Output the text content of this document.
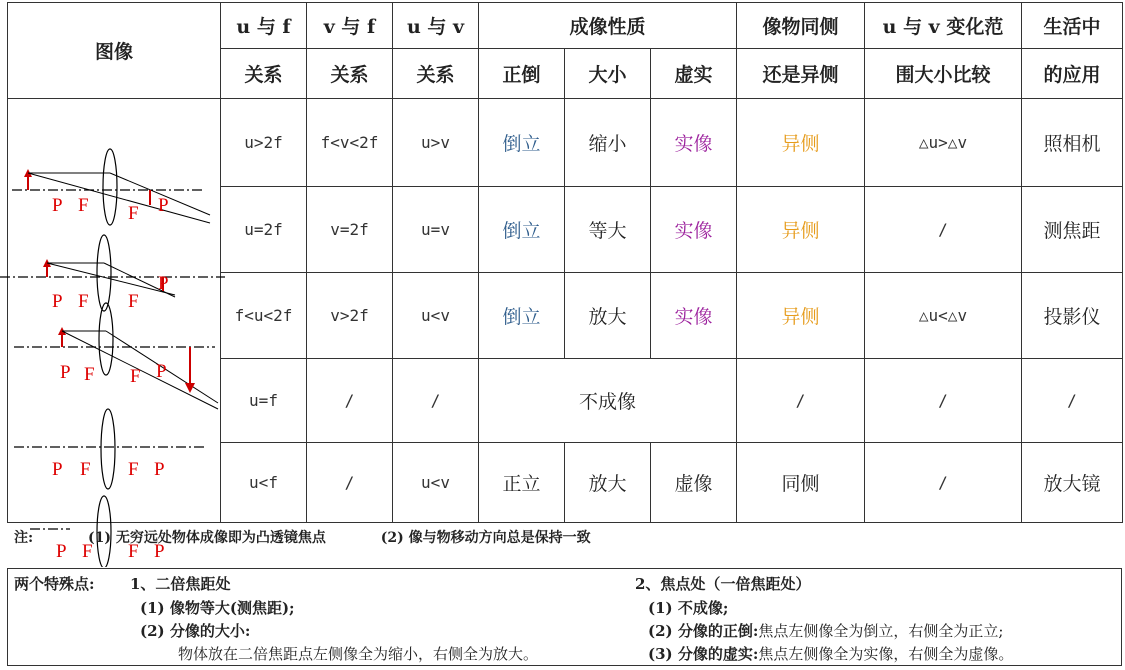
图像	u 与 f	v 与 f	u 与 v	成像性质			像物同侧	u 与 v 变化范	生活中
	关系	关系	关系	正倒	大小	虚实	还是异侧	围大小比较	的应用
	u>2f	f<v<2f	u>v	倒立	缩小	实像	异侧	△u>△v	照相机
	u=2f	v=2f	u=v	倒立	等大	实像	异侧	/	测焦距
	f<u<2f	v>2f	u<v	倒立	放大	实像	异侧	△u<△v	投影仪
	u=f	/	/	不成像			/	/	/
	u<f	/	u<v	正立	放大	虚像	同侧	/	放大镜
P F F P
P F F
P
P F F P
P F F P
P F F P
注:	(1) 无穷远处物体成像即为凸透镜焦点	(2) 像与物移动方向总是保持一致
两个特殊点: 1、二倍焦距处
(1) 像物等大(测焦距);
(2) 分像的大小:
物体放在二倍焦距点左侧像全为缩小，右侧全为放大。
2、焦点处（一倍焦距处）
(1) 不成像;
(2) 分像的正倒:焦点左侧像全为倒立，右侧全为正立;
(3) 分像的虚实:焦点左侧像全为实像，右侧全为虚像。
